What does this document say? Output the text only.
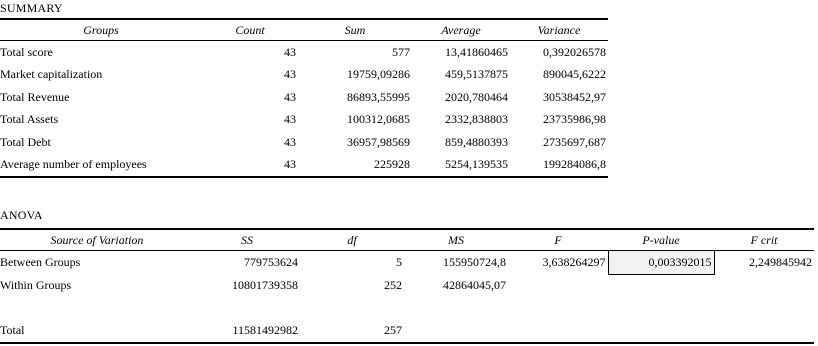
SUMMARY
Groups	Count	Sum	Average	Variance
Total score	43	577	13,41860465	0,392026578
Market capitalization	43	19759,09286	459,5137875	890045,6222
Total Revenue	43	86893,55995	2020,780464	30538452,97
Total Assets	43	100312,0685	2332,838803	23735986,98
Total Debt	43	36957,98569	859,4880393	2735697,687
Average number of employees	43	225928	5254,139535	199284086,8
ANOVA
Source of Variation	SS	df	MS	F	P-value	F crit
Between Groups	779753624	5	155950724,8	3,638264297	0,003392015	2,249845942
Within Groups	10801739358	252	42864045,07			

Total	11581492982	257				
